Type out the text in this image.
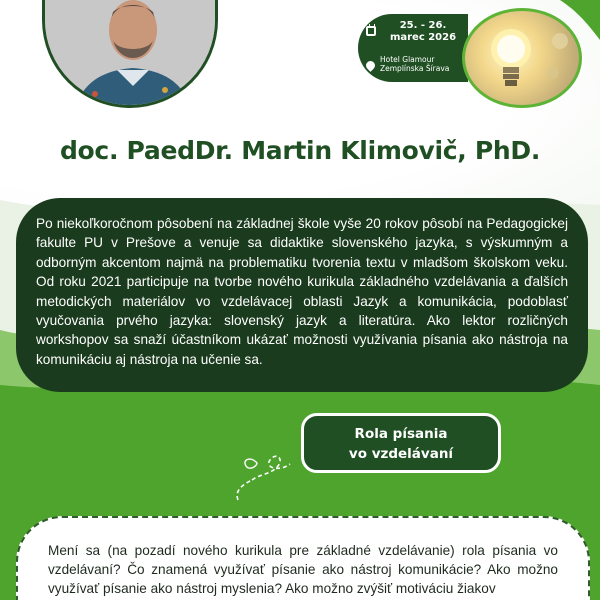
25. - 26.
marec 2026
Hotel Glamour
Zemplínska Šírava
doc. PaedDr. Martin Klimovič, PhD.
Po niekoľkoročnom pôsobení na základnej škole vyše 20 rokov pôsobí na Pedagogickej fakulte PU v Prešove a venuje sa didaktike slovenského jazyka, s výskumným a odborným akcentom najmä na problematiku tvorenia textu v mladšom školskom veku. Od roku 2021 participuje na tvorbe nového kurikula základného vzdelávania a ďalších metodických materiálov vo vzdelávacej oblasti Jazyk a komunikácia, podoblasť vyučovania prvého jazyka: slovenský jazyk a literatúra. Ako lektor rozličných workshopov sa snaží účastníkom ukázať možnosti využívania písania ako nástroja na komunikáciu aj nástroja na učenie sa.
Rola písania
vo vzdelávaní
Mení sa (na pozadí nového kurikula pre základné vzdelávanie) rola písania vo vzdelávaní? Čo znamená využívať písanie ako nástroj komunikácie? Ako možno využívať písanie ako nástroj myslenia? Ako možno zvýšiť motiváciu žiakov
